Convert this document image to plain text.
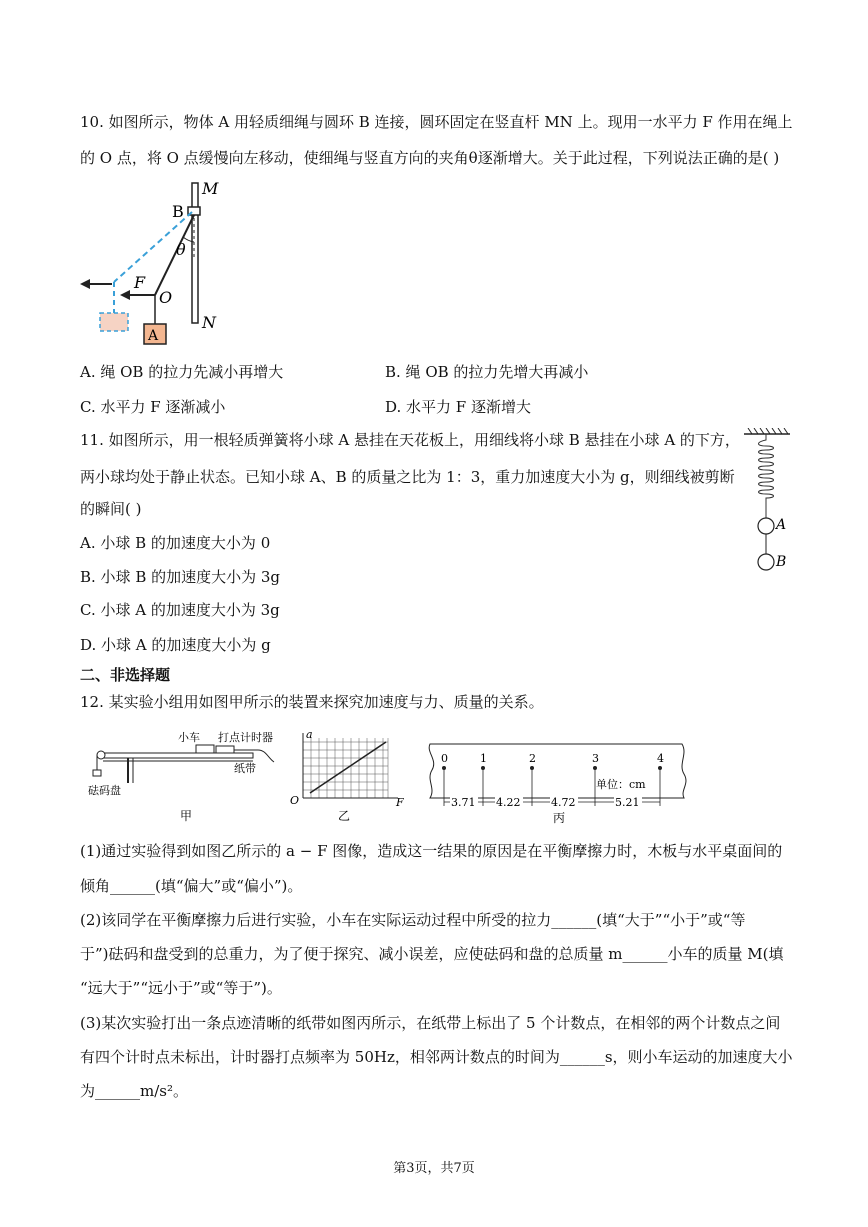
10. 如图所示，物体 A 用轻质细绳与圆环 B 连接，圆环固定在竖直杆 MN 上。现用一水平力 F 作用在绳上
的 O 点，将 O 点缓慢向左移动，使细绳与竖直方向的夹角θ逐渐增大。关于此过程，下列说法正确的是( )
M
N
B
θ
F
O
A
A. 绳 OB 的拉力先减小再增大	B. 绳 OB 的拉力先增大再减小
C. 水平力 F 逐渐减小	D. 水平力 F 逐渐增大
11. 如图所示，用一根轻质弹簧将小球 A 悬挂在天花板上，用细线将小球 B 悬挂在小球 A 的下方，
两小球均处于静止状态。已知小球 A、B 的质量之比为 1：3，重力加速度大小为 g，则细线被剪断
的瞬间( )
A
B
A. 小球 B 的加速度大小为 0
B. 小球 B 的加速度大小为 3g
C. 小球 A 的加速度大小为 3g
D. 小球 A 的加速度大小为 g
二、非选择题
12. 某实验小组用如图甲所示的装置来探究加速度与力、质量的关系。
小车 打点计时器
纸带
砝码盘
甲
a
O	F
乙
0	1	2	3	4
单位：cm
3.71 4.22	4.72	5.21
丙
(1)通过实验得到如图乙所示的 a − F 图像，造成这一结果的原因是在平衡摩擦力时，木板与水平桌面间的
倾角______(填“偏大”或“偏小”)。
(2)该同学在平衡摩擦力后进行实验，小车在实际运动过程中所受的拉力______(填“大于”“小于”或“等
于”)砝码和盘受到的总重力，为了便于探究、减小误差，应使砝码和盘的总质量 m______小车的质量 M(填
“远大于”“远小于”或“等于”)。
(3)某次实验打出一条点迹清晰的纸带如图丙所示，在纸带上标出了 5 个计数点，在相邻的两个计数点之间
有四个计时点未标出，计时器打点频率为 50Hz，相邻两计数点的时间为______s，则小车运动的加速度大小
为______m/s²。
第3页，共7页
